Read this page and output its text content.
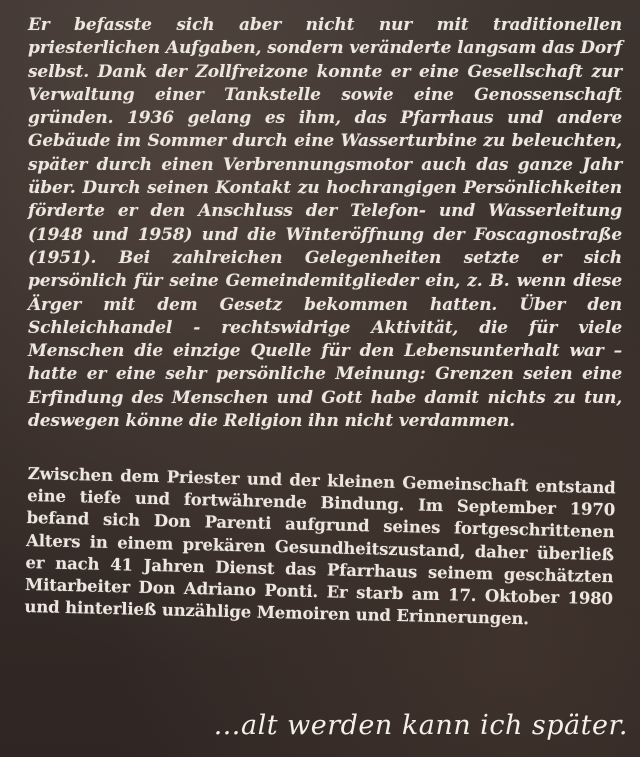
Er befasste sich aber nicht nur mit traditionellen priesterlichen Aufgaben, sondern veränderte langsam das Dorf selbst. Dank der Zollfreizone konnte er eine Gesellschaft zur Verwaltung einer Tankstelle sowie eine Genossenschaft gründen. 1936 gelang es ihm, das Pfarrhaus und andere Gebäude im Sommer durch eine Wasserturbine zu beleuchten, später durch einen Verbrennungsmotor auch das ganze Jahr über. Durch seinen Kontakt zu hochrangigen Persönlichkeiten förderte er den Anschluss der Telefon- und Wasserleitung (1948 und 1958) und die Winteröffnung der Foscagnostraße (1951). Bei zahlreichen Gelegenheiten setzte er sich persönlich für seine Gemeindemitglieder ein, z. B. wenn diese Ärger mit dem Gesetz bekommen hatten. Über den Schleichhandel - rechtswidrige Aktivität, die für viele Menschen die einzige Quelle für den Lebensunterhalt war – hatte er eine sehr persönliche Meinung: Grenzen seien eine Erfindung des Menschen und Gott habe damit nichts zu tun, deswegen könne die Religion ihn nicht verdammen.

Zwischen dem Priester und der kleinen Gemeinschaft entstand eine tiefe und fortwährende Bindung. Im September 1970 befand sich Don Parenti aufgrund seines fortgeschrittenen Alters in einem prekären Gesundheitszustand, daher überließ er nach 41 Jahren Dienst das Pfarrhaus seinem geschätzten Mitarbeiter Don Adriano Ponti. Er starb am 17. Oktober 1980 und hinterließ unzählige Memoiren und Erinnerungen.

…alt werden kann ich später.
